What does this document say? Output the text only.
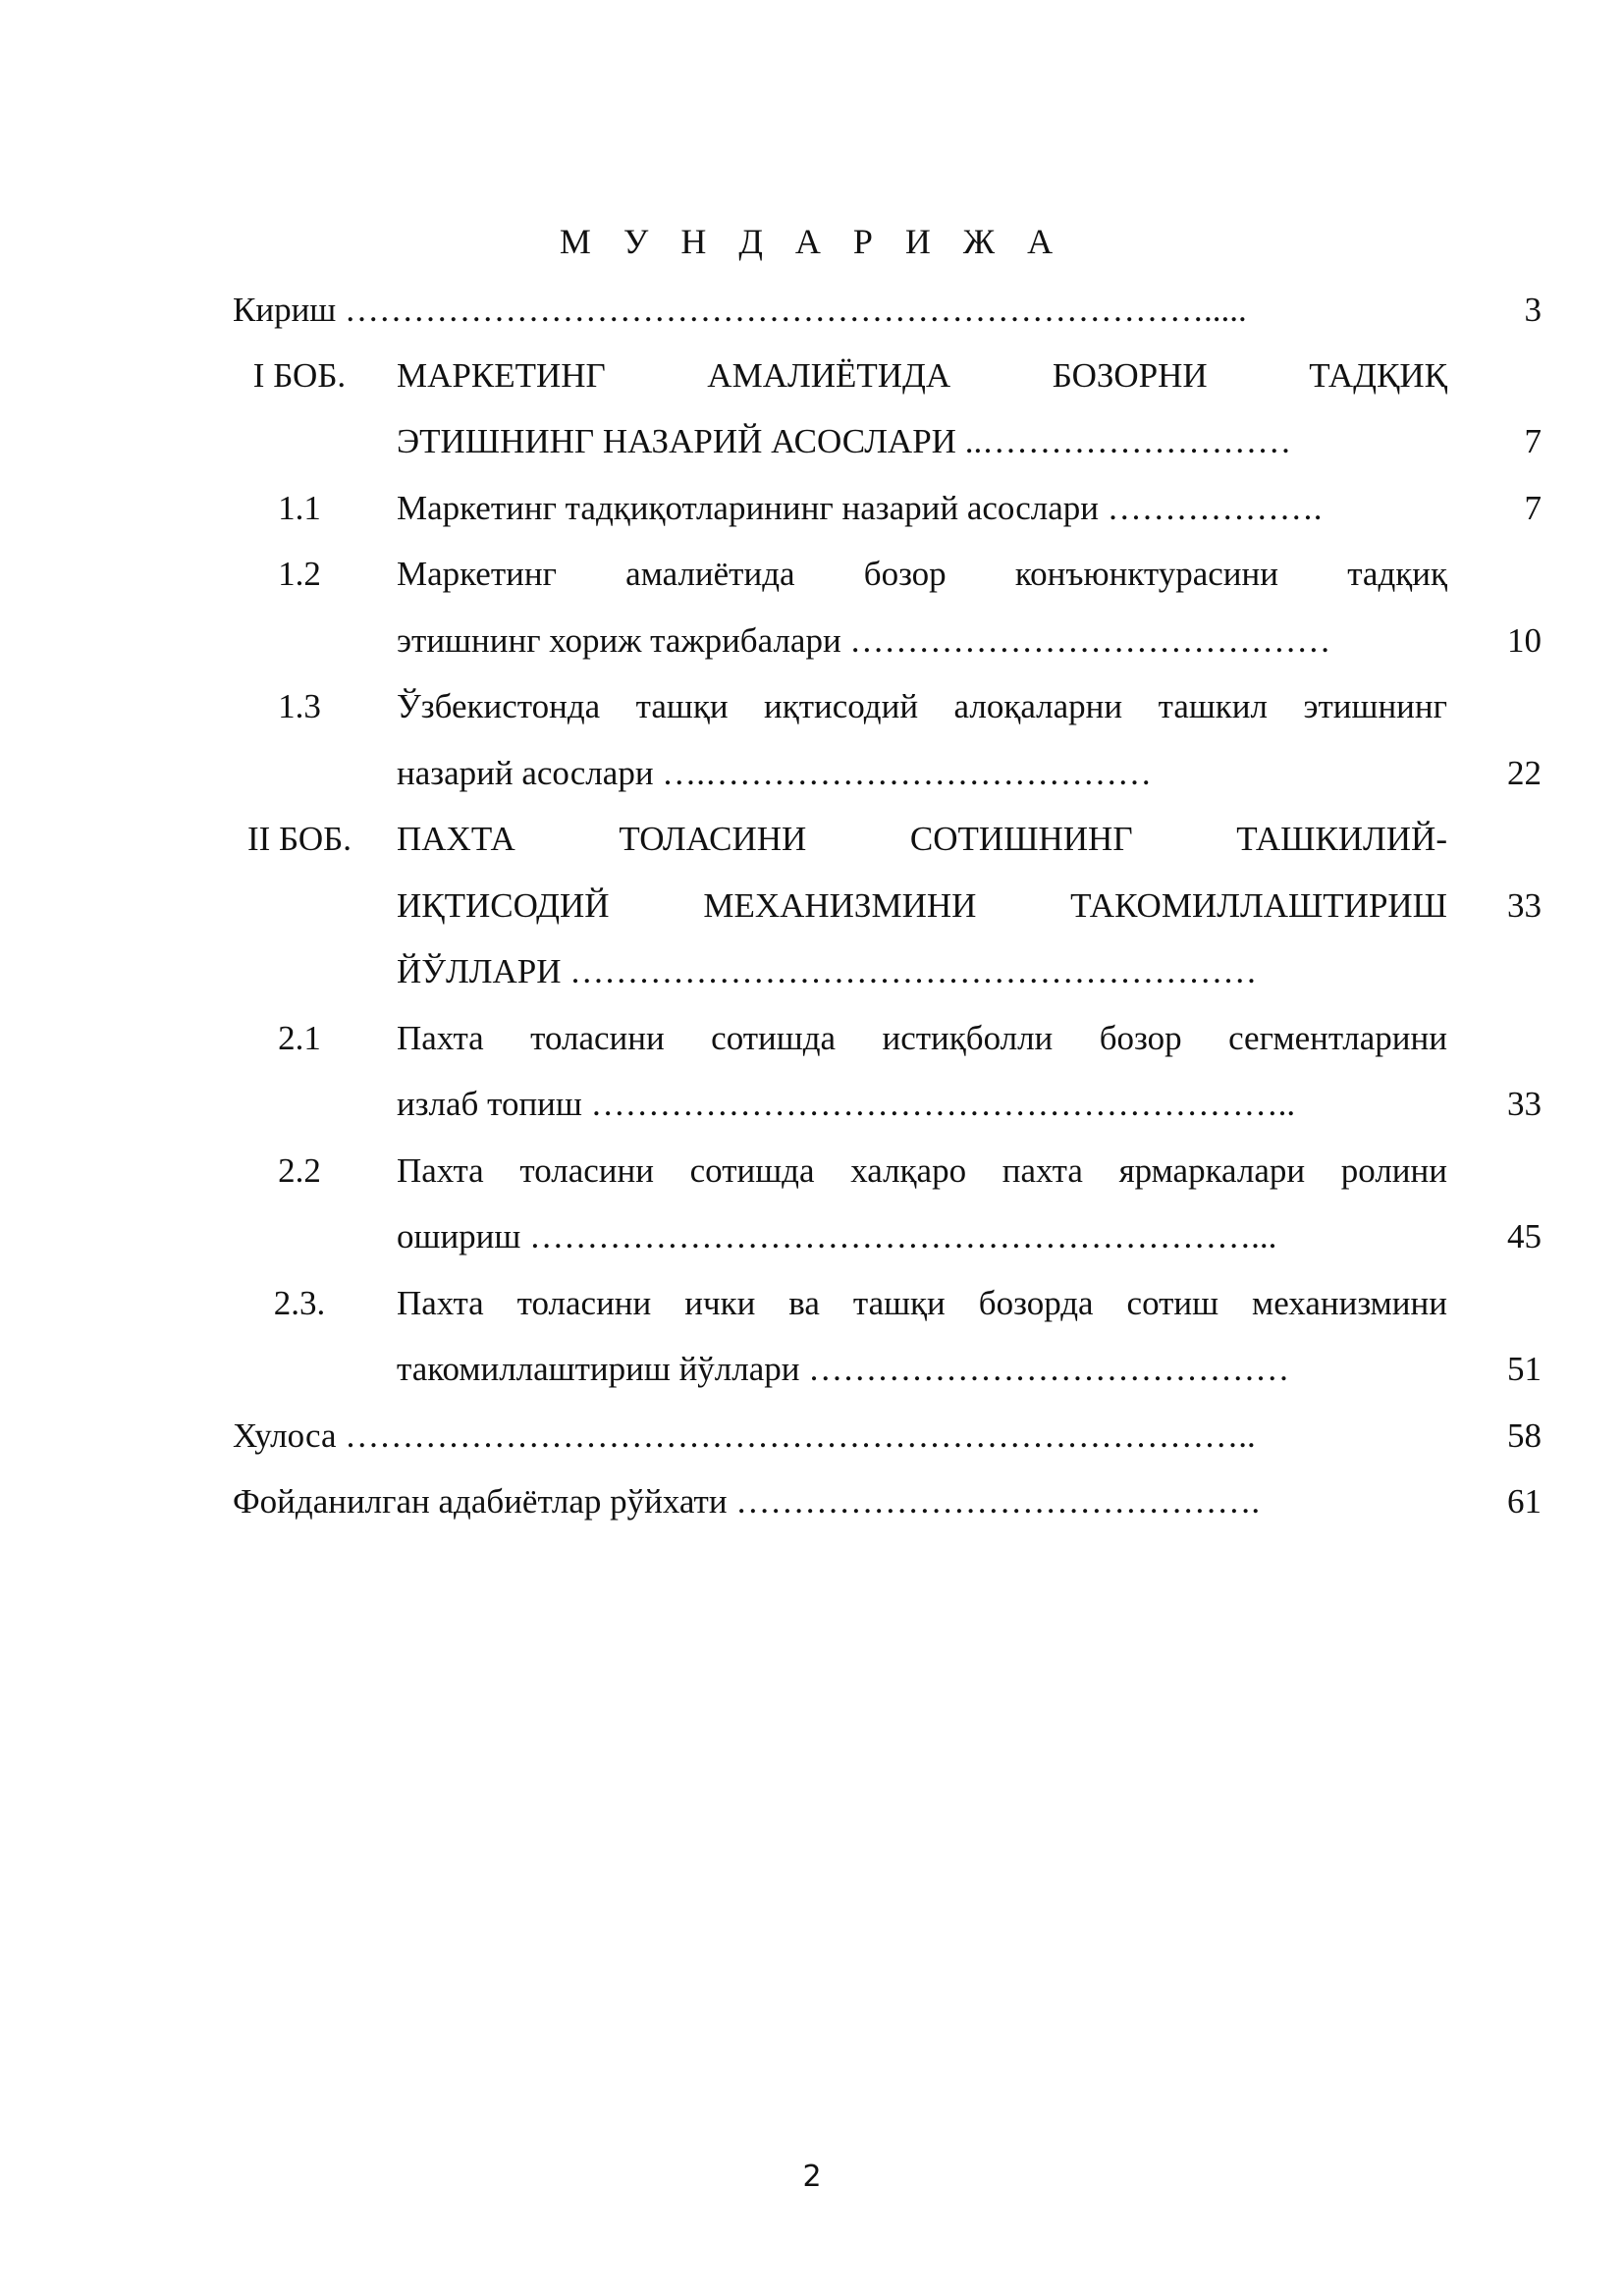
М У Н Д А Р И Ж А
Кириш ………………………………………………………………….....	3
I БОБ.	МАРКЕТИНГ АМАЛИЁТИДА БОЗОРНИ ТАДҚИҚ
ЭТИШНИНГ НАЗАРИЙ АСОСЛАРИ ..………………………	7
1.1	Маркетинг тадқиқотларининг назарий асослари ……………….	7
1.2	Маркетинг амалиётида бозор конъюнктурасини тадқиқ
этишнинг хориж тажрибалари ……………………………………	10
1.3	Ўзбекистонда ташқи иқтисодий алоқаларни ташкил этишнинг
назарий асослари ….…………………………………	22
II БОБ.	ПАХТА ТОЛАСИНИ СОТИШНИНГ ТАШКИЛИЙ-
ИҚТИСОДИЙ МЕХАНИЗМИНИ ТАКОМИЛЛАШТИРИШ	33
ЙЎЛЛАРИ ……………………………………………………
2.1	Пахта толасини сотишда истиқболли бозор сегментларини
излаб топиш ……………………………………………………..	33
2.2	Пахта толасини сотишда халқаро пахта ярмаркалари ролини
ошириш ………………………………………………………...	45
2.3.	Пахта толасини ички ва ташқи бозорда сотиш механизмини
такомиллаштириш йўллари ……………………………………	51
Хулоса ……………………………………………………………………..	58
Фойданилган адабиётлар рўйхати ……………………………………….	61
2
